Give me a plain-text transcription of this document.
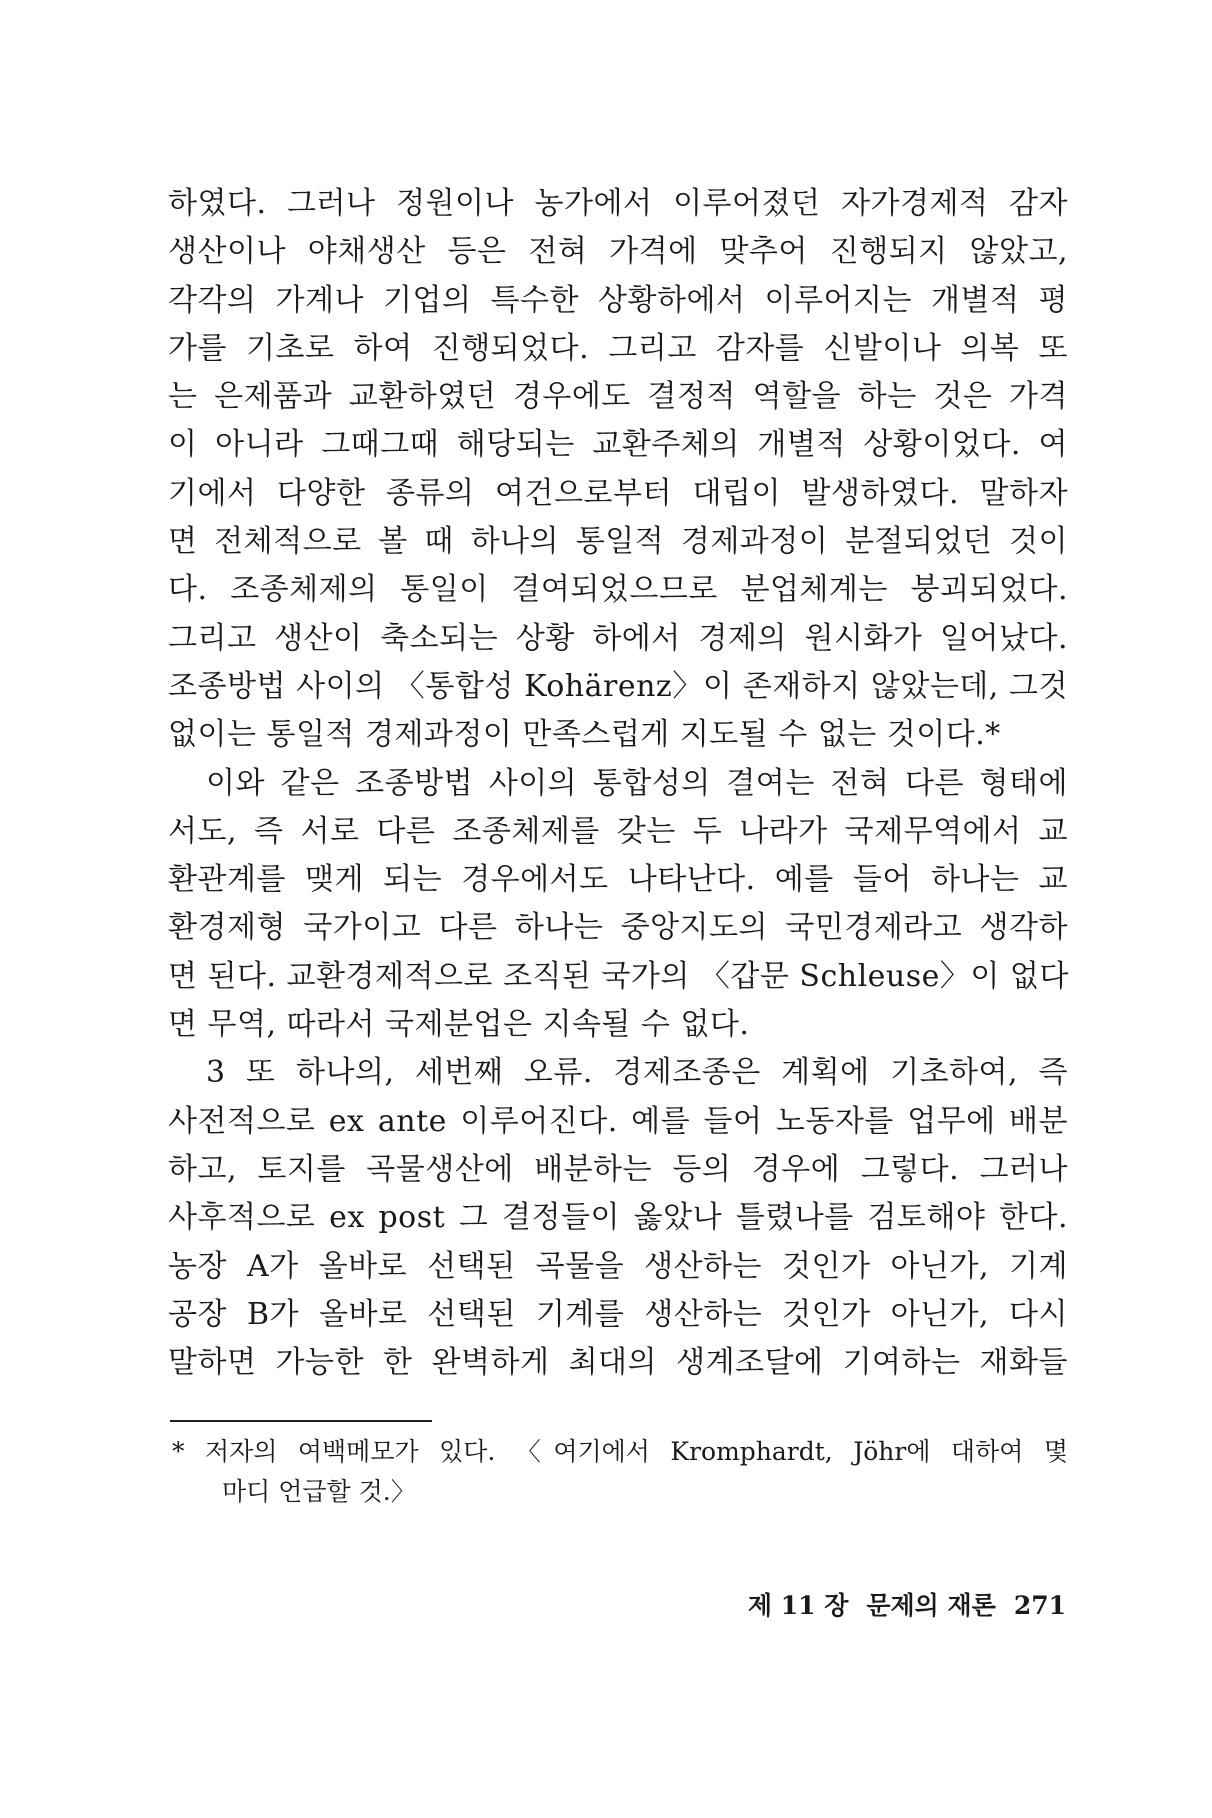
하였다. 그러나 정원이나 농가에서 이루어졌던 자가경제적 감자
생산이나 야채생산 등은 전혀 가격에 맞추어 진행되지 않았고,
각각의 가계나 기업의 특수한 상황하에서 이루어지는 개별적 평
가를 기초로 하여 진행되었다. 그리고 감자를 신발이나 의복 또
는 은제품과 교환하였던 경우에도 결정적 역할을 하는 것은 가격
이 아니라 그때그때 해당되는 교환주체의 개별적 상황이었다. 여
기에서 다양한 종류의 여건으로부터 대립이 발생하였다. 말하자
면 전체적으로 볼 때 하나의 통일적 경제과정이 분절되었던 것이
다. 조종체제의 통일이 결여되었으므로 분업체계는 붕괴되었다.
그리고 생산이 축소되는 상황 하에서 경제의 원시화가 일어났다.
조종방법 사이의 〈통합성 Kohärenz〉이 존재하지 않았는데, 그것
없이는 통일적 경제과정이 만족스럽게 지도될 수 없는 것이다.*
이와 같은 조종방법 사이의 통합성의 결여는 전혀 다른 형태에
서도, 즉 서로 다른 조종체제를 갖는 두 나라가 국제무역에서 교
환관계를 맺게 되는 경우에서도 나타난다. 예를 들어 하나는 교
환경제형 국가이고 다른 하나는 중앙지도의 국민경제라고 생각하
면 된다. 교환경제적으로 조직된 국가의 〈갑문 Schleuse〉이 없다
면 무역, 따라서 국제분업은 지속될 수 없다.
3 또 하나의, 세번째 오류. 경제조종은 계획에 기초하여, 즉
사전적으로 ex ante 이루어진다. 예를 들어 노동자를 업무에 배분
하고, 토지를 곡물생산에 배분하는 등의 경우에 그렇다. 그러나
사후적으로 ex post 그 결정들이 옳았나 틀렸나를 검토해야 한다.
농장 A가 올바로 선택된 곡물을 생산하는 것인가 아닌가, 기계
공장 B가 올바로 선택된 기계를 생산하는 것인가 아닌가, 다시
말하면 가능한 한 완벽하게 최대의 생계조달에 기여하는 재화들
* 저자의 여백메모가 있다. 〈여기에서 Kromphardt, Jöhr에 대하여 몇
마디 언급할 것.〉
제 11 장 문제의 재론 271
